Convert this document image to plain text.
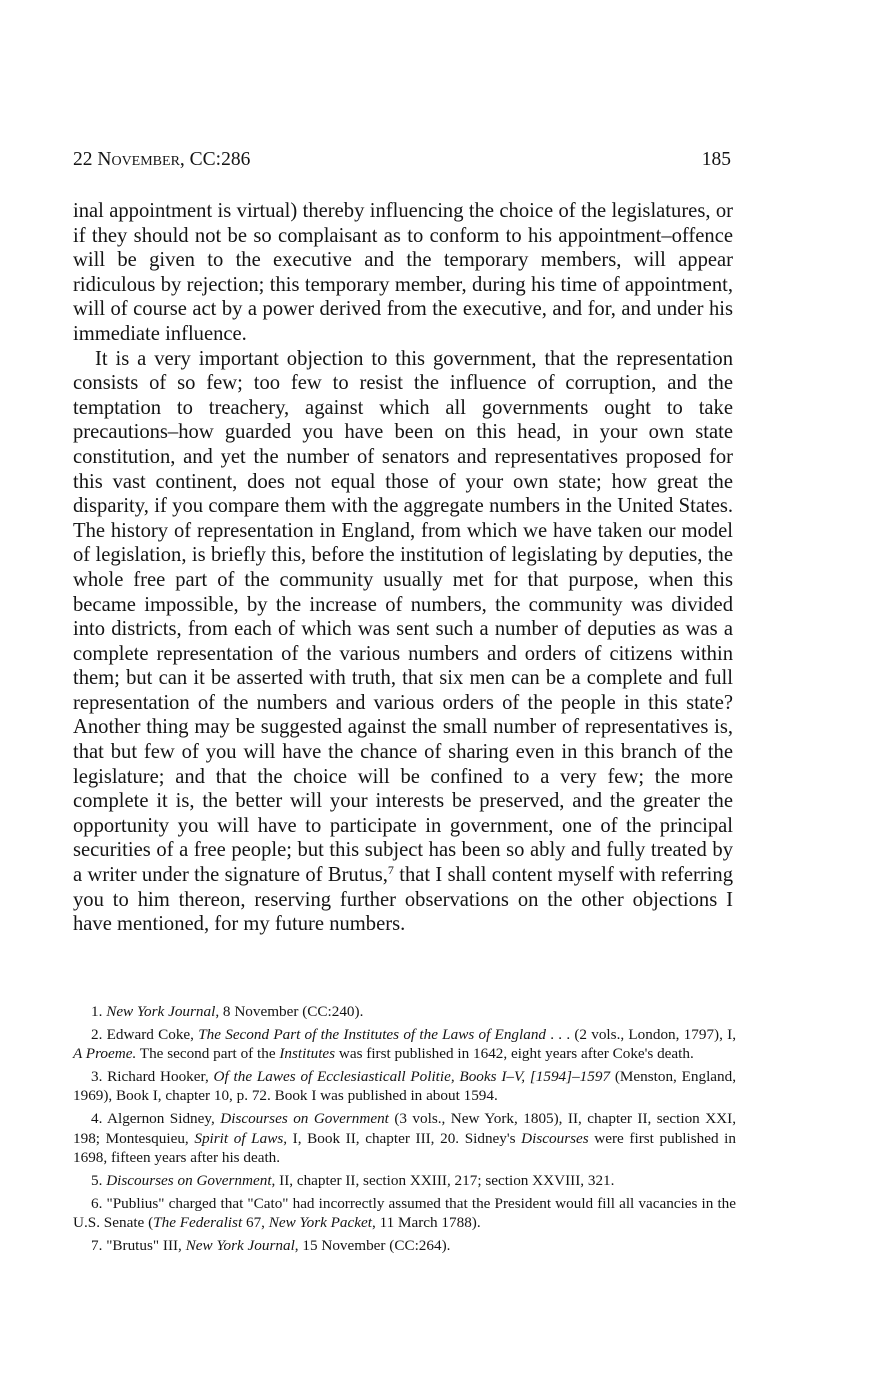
22 November, CC:286	185

inal appointment is virtual) thereby influencing the choice of the legislatures, or if they should not be so complaisant as to conform to his appointment–offence will be given to the executive and the temporary members, will appear ridiculous by rejection; this temporary member, during his time of appointment, will of course act by a power derived from the executive, and for, and under his immediate influence.

It is a very important objection to this government, that the representation consists of so few; too few to resist the influence of corruption, and the temptation to treachery, against which all governments ought to take precautions–how guarded you have been on this head, in your own state constitution, and yet the number of senators and representatives proposed for this vast continent, does not equal those of your own state; how great the disparity, if you compare them with the aggregate numbers in the United States. The history of representation in England, from which we have taken our model of legislation, is briefly this, before the institution of legislating by deputies, the whole free part of the community usually met for that purpose, when this became impossible, by the increase of numbers, the community was divided into districts, from each of which was sent such a number of deputies as was a complete representation of the various numbers and orders of citizens within them; but can it be asserted with truth, that six men can be a complete and full representation of the numbers and various orders of the people in this state? Another thing may be suggested against the small number of representatives is, that but few of you will have the chance of sharing even in this branch of the legislature; and that the choice will be confined to a very few; the more complete it is, the better will your interests be preserved, and the greater the opportunity you will have to participate in government, one of the principal securities of a free people; but this subject has been so ably and fully treated by a writer under the signature of Brutus,$^7$ that I shall content myself with referring you to him thereon, reserving further observations on the other objections I have mentioned, for my future numbers.

1. New York Journal, 8 November (CC:240).

2. Edward Coke, The Second Part of the Institutes of the Laws of England . . . (2 vols., London, 1797), I, A Proeme. The second part of the Institutes was first published in 1642, eight years after Coke's death.

3. Richard Hooker, Of the Lawes of Ecclesiasticall Politie, Books I–V, [1594]–1597 (Menston, England, 1969), Book I, chapter 10, p. 72. Book I was published in about 1594.

4. Algernon Sidney, Discourses on Government (3 vols., New York, 1805), II, chapter II, section XXI, 198; Montesquieu, Spirit of Laws, I, Book II, chapter III, 20. Sidney's Discourses were first published in 1698, fifteen years after his death.

5. Discourses on Government, II, chapter II, section XXIII, 217; section XXVIII, 321.

6. "Publius" charged that "Cato" had incorrectly assumed that the President would fill all vacancies in the U.S. Senate (The Federalist 67, New York Packet, 11 March 1788).

7. "Brutus" III, New York Journal, 15 November (CC:264).
